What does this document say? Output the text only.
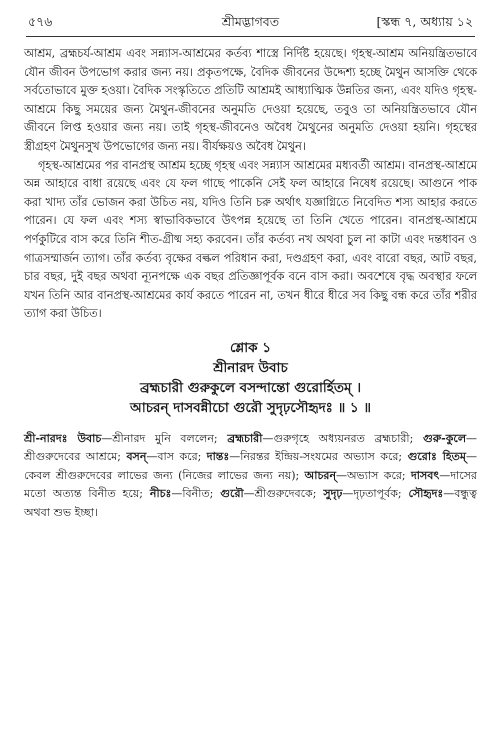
৫৭৬	শ্রীমদ্ভাগবত	[স্কন্ধ ৭, অধ্যায় ১২

আশ্রম, ব্রহ্মচর্য-আশ্রম এবং সন্ন্যাস-আশ্রমের কর্তব্য শাস্ত্রে নির্দিষ্ট হয়েছে। গৃহস্থ-আশ্রম অনিয়ন্ত্রিতভাবে যৌন জীবন উপভোগ করার জন্য নয়। প্রকৃতপক্ষে, বৈদিক জীবনের উদ্দেশ্য হচ্ছে মৈথুন আসক্তি থেকে সর্বতোভাবে মুক্ত হওয়া। বৈদিক সংস্কৃতিতে প্রতিটি আশ্রমই আধ্যাত্মিক উন্নতির জন্য, এবং যদিও গৃহস্থ-আশ্রমে কিছু সময়ের জন্য মৈথুন-জীবনের অনুমতি দেওয়া হয়েছে, তবুও তা অনিয়ন্ত্রিতভাবে যৌন জীবনে লিপ্ত হওয়ার জন্য নয়। তাই গৃহস্থ-জীবনেও অবৈধ মৈথুনের অনুমতি দেওয়া হয়নি। গৃহস্থের স্ত্রীগ্রহণ মৈথুনসুখ উপভোগের জন্য নয়। বীর্যক্ষয়ও অবৈধ মৈথুন।

গৃহস্থ-আশ্রমের পর বানপ্রস্থ আশ্রম হচ্ছে গৃহস্থ এবং সন্ন্যাস আশ্রমের মধ্যবর্তী আশ্রম। বানপ্রস্থ-আশ্রমে অন্ন আহারে বাধা রয়েছে এবং যে ফল গাছে পাকেনি সেই ফল আহারে নিষেধ রয়েছে। আগুনে পাক করা খাদ্য তাঁর ভোজন করা উচিত নয়, যদিও তিনি চরু অর্থাৎ যজ্ঞাগ্নিতে নিবেদিত শস্য আহার করতে পারেন। যে ফল এবং শস্য স্বাভাবিকভাবে উৎপন্ন হয়েছে তা তিনি খেতে পারেন। বানপ্রস্থ-আশ্রমে পর্ণকুটিরে বাস করে তিনি শীত-গ্রীষ্ম সহ্য করবেন। তাঁর কর্তব্য নখ অথবা চুল না কাটা এবং দন্তধাবন ও গাত্রসম্মার্জন ত্যাগ। তাঁর কর্তব্য বৃক্ষের বল্কল পরিধান করা, দণ্ডগ্রহণ করা, এবং বারো বছর, আট বছর, চার বছর, দুই বছর অথবা ন্যূনপক্ষে এক বছর প্রতিজ্ঞাপূর্বক বনে বাস করা। অবশেষে বৃদ্ধ অবস্থার ফলে যখন তিনি আর বানপ্রস্থ-আশ্রমের কার্য করতে পারেন না, তখন ধীরে ধীরে সব কিছু বন্ধ করে তাঁর শরীর ত্যাগ করা উচিত।

শ্লোক ১
শ্রীনারদ উবাচ
ব্রহ্মচারী গুরুকুলে বসন্দান্তো গুরোর্হিতম্ ।
আচরন্ দাসবন্নীচো গুরৌ সুদৃঢ়সৌহৃদঃ ॥ ১ ॥
শ্রী-নারদঃ উবাচ—শ্রীনারদ মুনি বললেন; ব্রহ্মচারী—গুরুগৃহে অধ্যয়নরত ব্রহ্মচারী; গুরু-কুলে—শ্রীগুরুদেবের আশ্রমে; বসন্—বাস করে; দান্তঃ—নিরন্তর ইন্দ্রিয়-সংযমের অভ্যাস করে; গুরোঃ হিতম্—কেবল শ্রীগুরুদেবের লাভের জন্য (নিজের লাভের জন্য নয়); আচরন্—অভ্যাস করে; দাসবৎ—দাসের মতো অত্যন্ত বিনীত হয়ে; নীচঃ—বিনীত; গুরৌ—শ্রীগুরুদেবকে; সুদৃঢ়—দৃঢ়তাপূর্বক; সৌহৃদঃ—বন্ধুত্ব অথবা শুভ ইচ্ছা।
